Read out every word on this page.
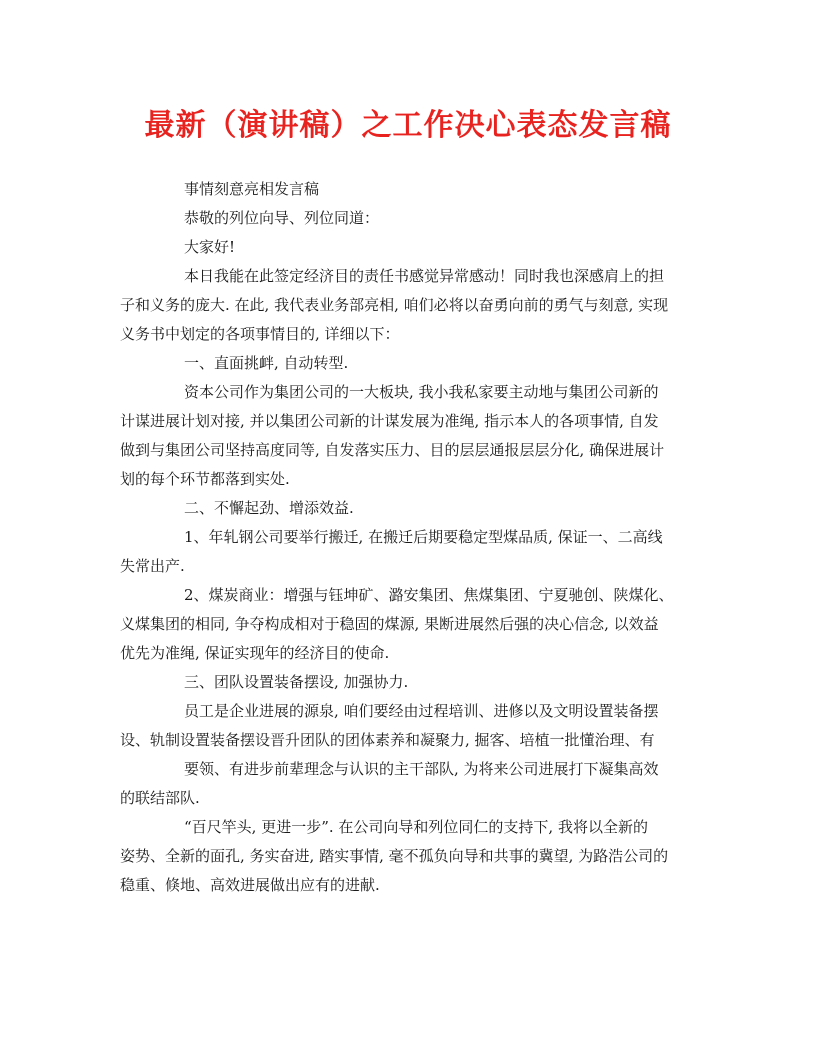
最新（演讲稿）之工作决心表态发言稿
事情刻意亮相发言稿
恭敬的列位向导、列位同道：
大家好!
本日我能在此签定经济目的责任书感觉异常感动！同时我也深感肩上的担
子和义务的庞大. 在此, 我代表业务部亮相, 咱们必将以奋勇向前的勇气与刻意, 实现
义务书中划定的各项事情目的, 详细以下：
一、直面挑衅, 自动转型.
资本公司作为集团公司的一大板块, 我小我私家要主动地与集团公司新的
计谋进展计划对接, 并以集团公司新的计谋发展为准绳, 指示本人的各项事情, 自发
做到与集团公司坚持高度同等, 自发落实压力、目的层层通报层层分化, 确保进展计
划的每个环节都落到实处.
二、不懈起劲、增添效益.
1、年轧钢公司要举行搬迁, 在搬迁后期要稳定型煤品质, 保证一、二高线
失常出产.
2、煤炭商业：增强与钰坤矿、潞安集团、焦煤集团、宁夏驰创、陕煤化、
义煤集团的相同, 争夺构成相对于稳固的煤源, 果断进展然后强的决心信念, 以效益
优先为准绳, 保证实现年的经济目的使命.
三、团队设置装备摆设, 加强协力.
员工是企业进展的源泉, 咱们要经由过程培训、进修以及文明设置装备摆
设、轨制设置装备摆设晋升团队的团体素养和凝聚力, 掘客、培植一批懂治理、有
要领、有进步前辈理念与认识的主干部队, 为将来公司进展打下凝集高效
的联结部队.
“百尺竿头, 更进一步”. 在公司向导和列位同仁的支持下, 我将以全新的
姿势、全新的面孔, 务实奋进, 踏实事情, 毫不孤负向导和共事的冀望, 为路浩公司的
稳重、倏地、高效进展做出应有的进献.
